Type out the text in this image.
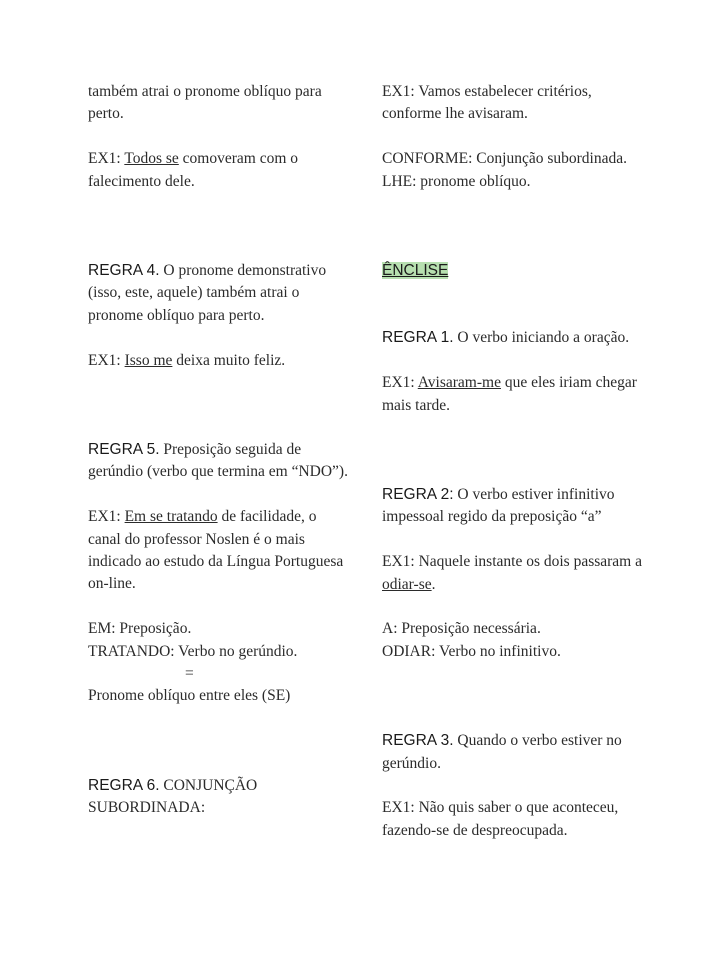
também atrai o pronome oblíquo para perto.

EX1: Todos se comoveram com o falecimento dele.

REGRA 4. O pronome demonstrativo (isso, este, aquele) também atrai o pronome oblíquo para perto.

EX1: Isso me deixa muito feliz.

REGRA 5. Preposição seguida de gerúndio (verbo que termina em “NDO”).

EX1: Em se tratando de facilidade, o canal do professor Noslen é o mais indicado ao estudo da Língua Portuguesa on-line.

EM: Preposição.

TRATANDO: Verbo no gerúndio.

=

Pronome oblíquo entre eles (SE)

REGRA 6. CONJUNÇÃO SUBORDINADA:

EX1: Vamos estabelecer critérios, conforme lhe avisaram.

CONFORME: Conjunção subordinada.

LHE: pronome oblíquo.

ÊNCLISE

REGRA 1. O verbo iniciando a oração.

EX1: Avisaram-me que eles iriam chegar mais tarde.

REGRA 2: O verbo estiver infinitivo impessoal regido da preposição “a”

EX1: Naquele instante os dois passaram a odiar-se.

A: Preposição necessária.

ODIAR: Verbo no infinitivo.

REGRA 3. Quando o verbo estiver no gerúndio.

EX1: Não quis saber o que aconteceu, fazendo-se de despreocupada.
